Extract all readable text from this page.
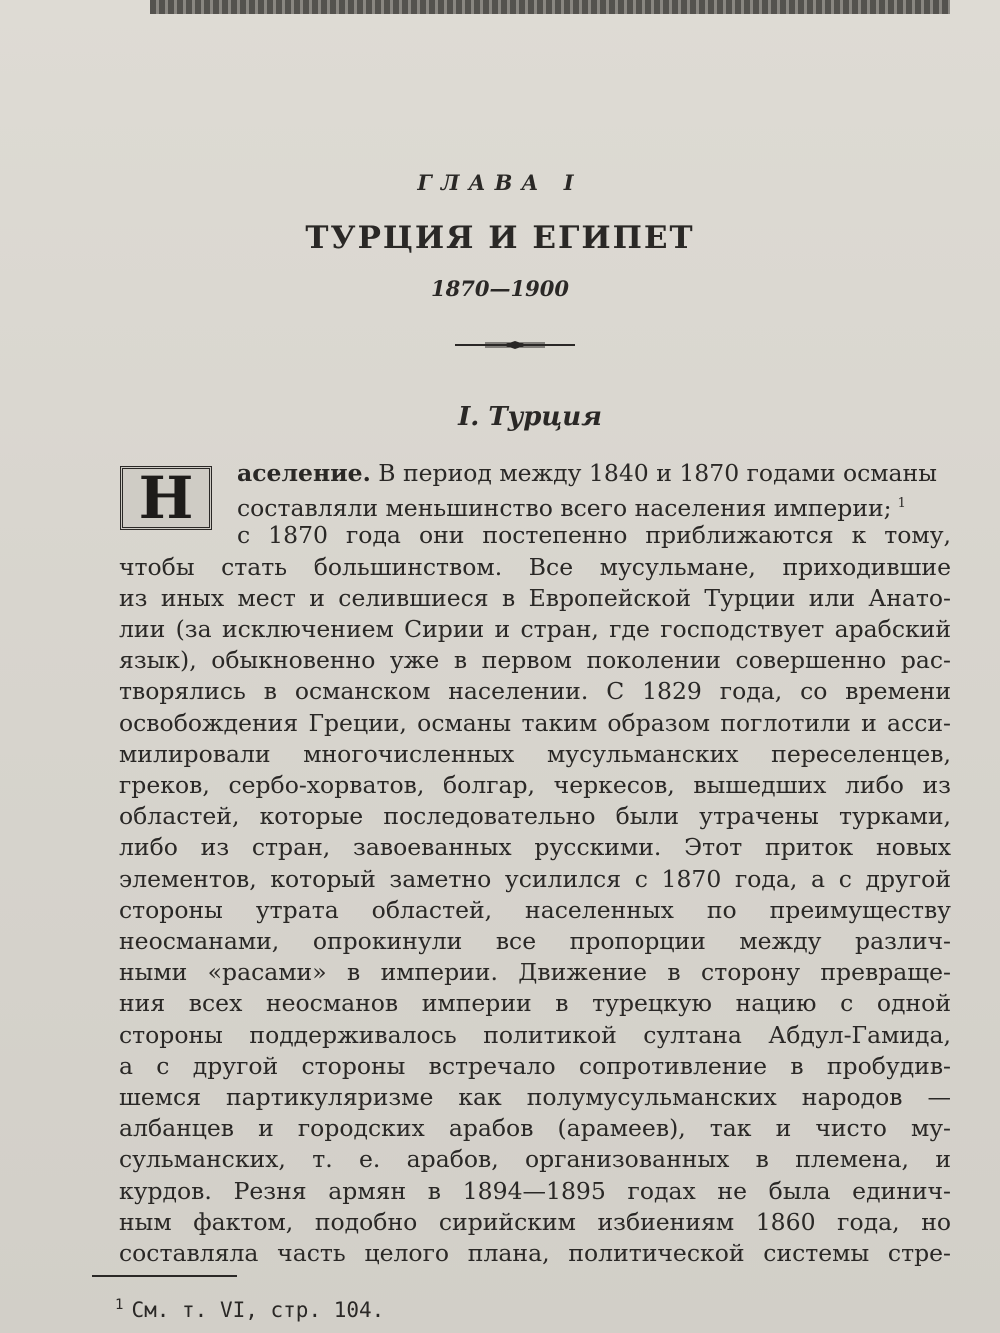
ГЛАВА I
ТУРЦИЯ И ЕГИПЕТ
1870—1900
I. Турция
Н	аселение. В период между 1840 и 1870 годами османы
составляли меньшинство всего населения империи; $^1$
с 1870 года они постепенно приближаются к тому,
чтобы стать большинством. Все мусульмане, приходившие
из иных мест и селившиеся в Европейской Турции или Анато-
лии (за исключением Сирии и стран, где господствует арабский
язык), обыкновенно уже в первом поколении совершенно рас-
творялись в османском населении. С 1829 года, со времени
освобождения Греции, османы таким образом поглотили и асси-
милировали многочисленных мусульманских переселенцев,
греков, сербо-хорватов, болгар, черкесов, вышедших либо из
областей, которые последовательно были утрачены турками,
либо из стран, завоеванных русскими. Этот приток новых
элементов, который заметно усилился с 1870 года, а с другой
стороны утрата областей, населенных по преимуществу
неосманами, опрокинули все пропорции между различ-
ными «расами» в империи. Движение в сторону превраще-
ния всех неосманов империи в турецкую нацию с одной
стороны поддерживалось политикой султана Абдул-Гамида,
а с другой стороны встречало сопротивление в пробудив-
шемся партикуляризме как полумусульманских народов —
албанцев и городских арабов (арамеев), так и чисто му-
сульманских, т. е. арабов, организованных в племена, и
курдов. Резня армян в 1894—1895 годах не была единич-
ным фактом, подобно сирийским избиениям 1860 года, но
составляла часть целого плана, политической системы стре-
$^1$ См. т. VI, стр. 104.
